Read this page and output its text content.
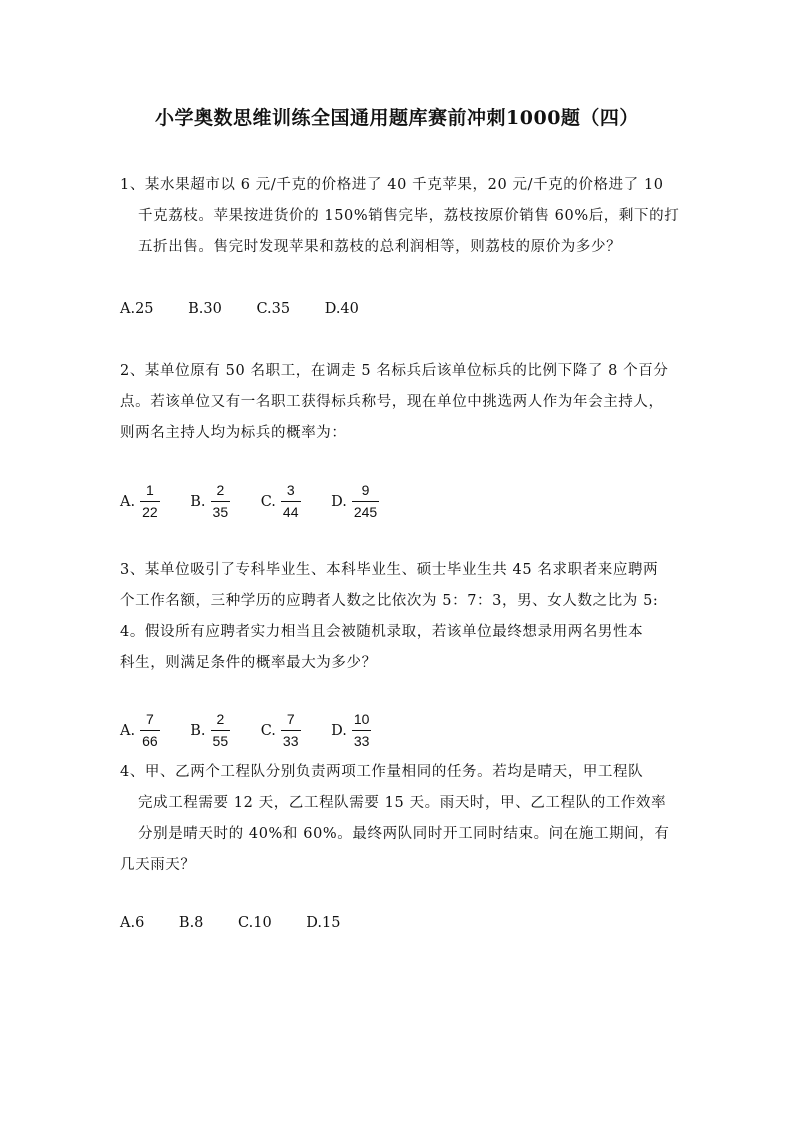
小学奥数思维训练全国通用题库赛前冲刺1000题（四）
1、某水果超市以 6 元/千克的价格进了 40 千克苹果，20 元/千克的价格进了 10
千克荔枝。苹果按进货价的 150%销售完毕，荔枝按原价销售 60%后，剩下的打
五折出售。售完时发现苹果和荔枝的总利润相等，则荔枝的原价为多少？
A.25 B.30 C.35 D.40
2、某单位原有 50 名职工，在调走 5 名标兵后该单位标兵的比例下降了 8 个百分
点。若该单位又有一名职工获得标兵称号，现在单位中挑选两人作为年会主持人，
则两名主持人均为标兵的概率为：
A. $\frac{1}{22}$
B. $\frac{2}{35}$
C. $\frac{3}{44}$
D. $\frac{9}{245}$
3、某单位吸引了专科毕业生、本科毕业生、硕士毕业生共 45 名求职者来应聘两
个工作名额，三种学历的应聘者人数之比依次为 5：7：3，男、女人数之比为 5:
4。假设所有应聘者实力相当且会被随机录取，若该单位最终想录用两名男性本
科生，则满足条件的概率最大为多少？
A. $\frac{7}{66}$
B. $\frac{2}{55}$
C. $\frac{7}{33}$
D. $\frac{10}{33}$
4、甲、乙两个工程队分别负责两项工作量相同的任务。若均是晴天，甲工程队
完成工程需要 12 天，乙工程队需要 15 天。雨天时，甲、乙工程队的工作效率
分别是晴天时的 40%和 60%。最终两队同时开工同时结束。问在施工期间，有
几天雨天？
A.6 B.8 C.10 D.15
